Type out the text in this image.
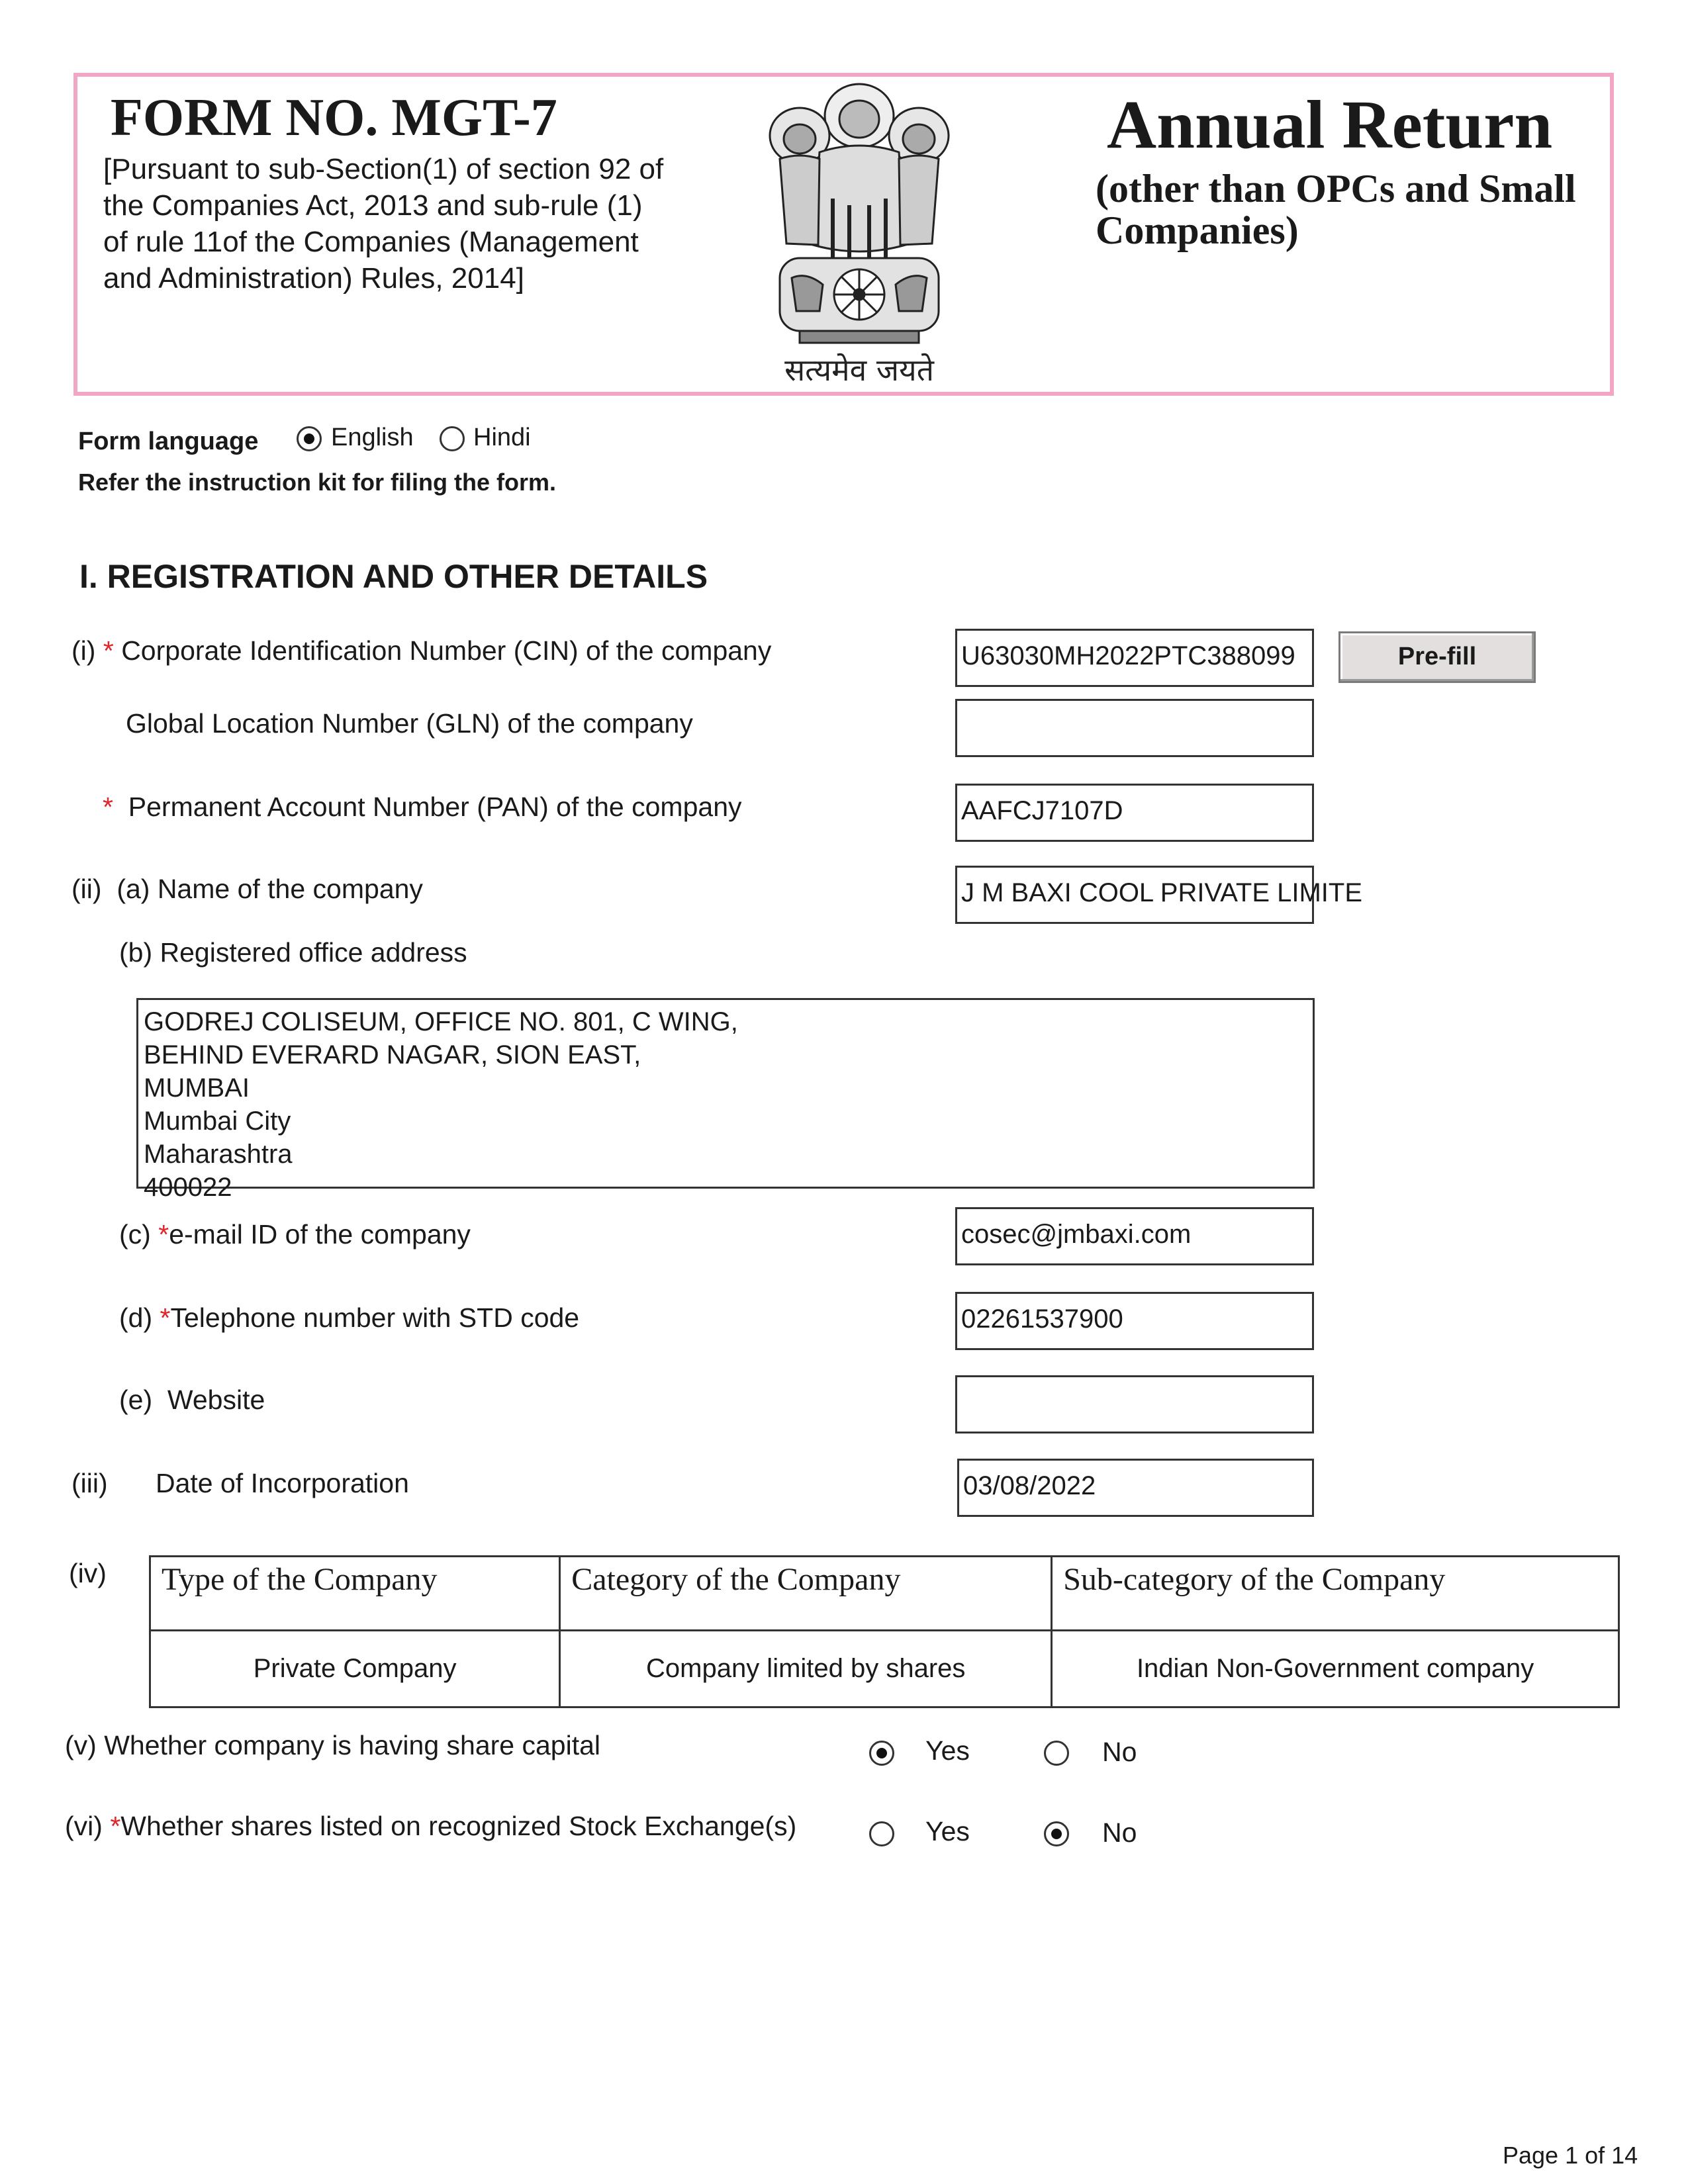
FORM NO. MGT-7
[Pursuant to sub-Section(1) of section 92 of the Companies Act, 2013 and sub-rule (1) of rule 11of the Companies (Management and Administration) Rules, 2014]
सत्यमेव जयते
Annual Return
(other than OPCs and Small Companies)
Form language	English Hindi
Refer the instruction kit for filing the form.
I. REGISTRATION AND OTHER DETAILS
(i) * Corporate Identification Number (CIN) of the company	U63030MH2022PTC388099	Pre-fill
Global Location Number (GLN) of the company
* Permanent Account Number (PAN) of the company	AAFCJ7107D
(ii) (a) Name of the company	J M BAXI COOL PRIVATE LIMITE
(b) Registered office address
GODREJ COLISEUM, OFFICE NO. 801, C WING,
BEHIND EVERARD NAGAR, SION EAST,
MUMBAI
Mumbai City
Maharashtra
400022
(c) *e-mail ID of the company	cosec@jmbaxi.com
(d) *Telephone number with STD code	02261537900
(e) Website
(iii) Date of Incorporation	03/08/2022
(iv) Type of the Company	Category of the Company	Sub-category of the Company
Private Company	Company limited by shares	Indian Non-Government company
(v) Whether company is having share capital	Yes	No
(vi) *Whether shares listed on recognized Stock Exchange(s)	Yes	No
Page 1 of 14
